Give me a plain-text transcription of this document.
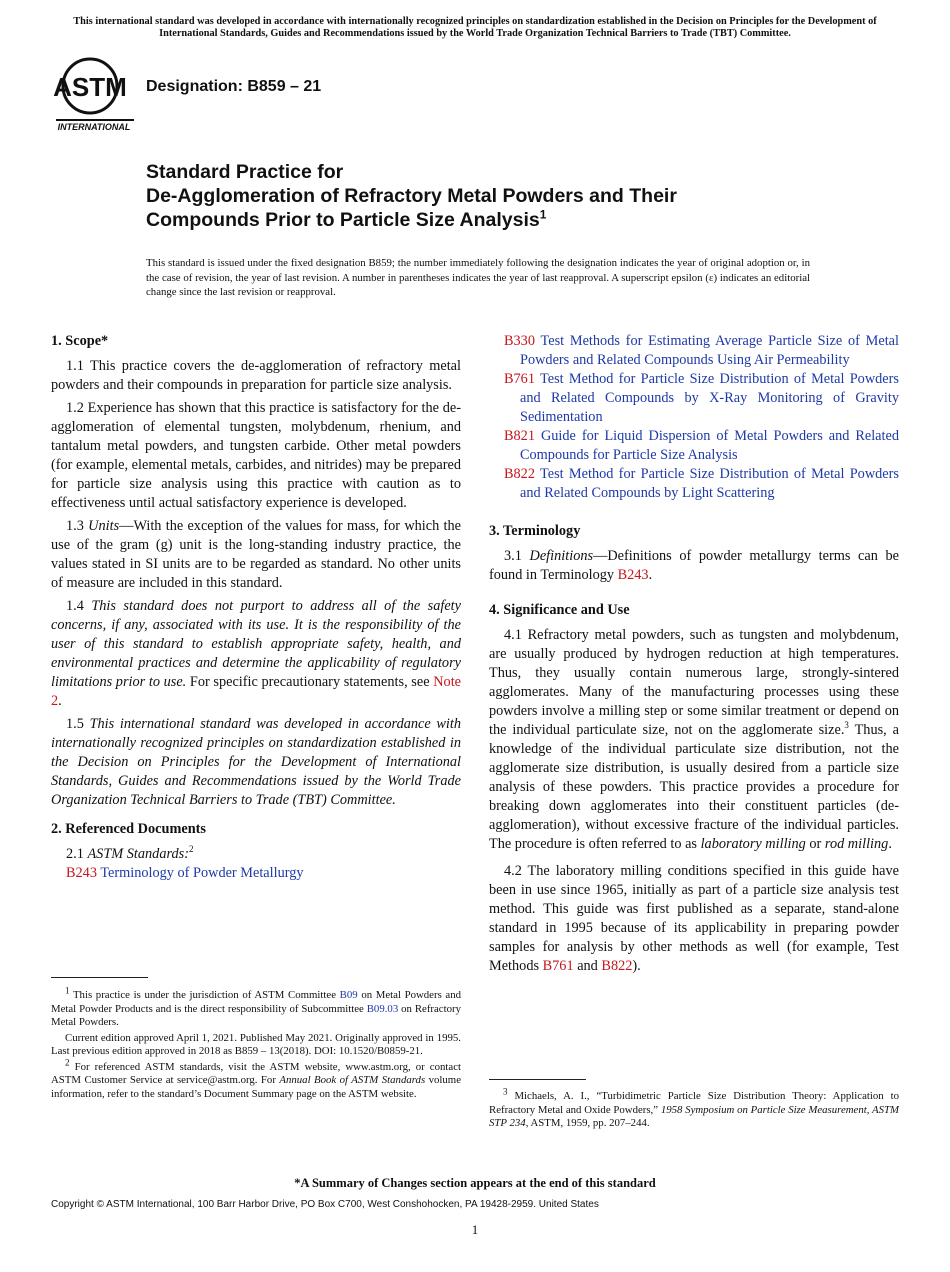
This international standard was developed in accordance with internationally recognized principles on standardization established in the Decision on Principles for the Development of International Standards, Guides and Recommendations issued by the World Trade Organization Technical Barriers to Trade (TBT) Committee.
ASTM
INTERNATIONAL
Designation: B859 – 21
Standard Practice for
De-Agglomeration of Refractory Metal Powders and Their
Compounds Prior to Particle Size Analysis$^1$
This standard is issued under the fixed designation B859; the number immediately following the designation indicates the year of original adoption or, in the case of revision, the year of last revision. A number in parentheses indicates the year of last reapproval. A superscript epsilon (ε) indicates an editorial change since the last revision or reapproval.
1. Scope*

1.1 This practice covers the de-agglomeration of refractory metal powders and their compounds in preparation for particle size analysis.

1.2 Experience has shown that this practice is satisfactory for the de-agglomeration of elemental tungsten, molybdenum, rhenium, and tantalum metal powders, and tungsten carbide. Other metal powders (for example, elemental metals, carbides, and nitrides) may be prepared for particle size analysis using this practice with caution as to effectiveness until actual satisfactory experience is developed.

1.3 Units—With the exception of the values for mass, for which the use of the gram (g) unit is the long-standing industry practice, the values stated in SI units are to be regarded as standard. No other units of measure are included in this standard.

1.4 This standard does not purport to address all of the safety concerns, if any, associated with its use. It is the responsibility of the user of this standard to establish appropriate safety, health, and environmental practices and determine the applicability of regulatory limitations prior to use. For specific precautionary statements, see Note 2.

1.5 This international standard was developed in accordance with internationally recognized principles on standardization established in the Decision on Principles for the Development of International Standards, Guides and Recommendations issued by the World Trade Organization Technical Barriers to Trade (TBT) Committee.

2. Referenced Documents

2.1 ASTM Standards:$^2$

B243 Terminology of Powder Metallurgy

$^1$ This practice is under the jurisdiction of ASTM Committee B09 on Metal Powders and Metal Powder Products and is the direct responsibility of Subcommittee B09.03 on Refractory Metal Powders.

Current edition approved April 1, 2021. Published May 2021. Originally approved in 1995. Last previous edition approved in 2018 as B859 – 13(2018). DOI: 10.1520/B0859-21.

$^2$ For referenced ASTM standards, visit the ASTM website, www.astm.org, or contact ASTM Customer Service at service@astm.org. For Annual Book of ASTM Standards volume information, refer to the standard’s Document Summary page on the ASTM website.

B330 Test Methods for Estimating Average Particle Size of Metal Powders and Related Compounds Using Air Permeability
B761 Test Method for Particle Size Distribution of Metal Powders and Related Compounds by X-Ray Monitoring of Gravity Sedimentation
B821 Guide for Liquid Dispersion of Metal Powders and Related Compounds for Particle Size Analysis
B822 Test Method for Particle Size Distribution of Metal Powders and Related Compounds by Light Scattering
3. Terminology

3.1 Definitions—Definitions of powder metallurgy terms can be found in Terminology B243.

4. Significance and Use

4.1 Refractory metal powders, such as tungsten and molybdenum, are usually produced by hydrogen reduction at high temperatures. Thus, they usually contain numerous large, strongly-sintered agglomerates. Many of the manufacturing processes using these powders involve a milling step or some similar treatment or depend on the individual particulate size, not on the agglomerate size.$^3$ Thus, a knowledge of the individual particulate size distribution, not the agglomerate size distribution, is usually desired from a particle size analysis of these powders. This practice provides a procedure for breaking down agglomerates into their constituent particles (de-agglomeration), without excessive fracture of the individual particles. The procedure is often referred to as laboratory milling or rod milling.

4.2 The laboratory milling conditions specified in this guide have been in use since 1965, initially as part of a particle size analysis test method. This guide was first published as a separate, stand-alone standard in 1995 because of its applicability in preparing powder samples for analysis by other methods as well (for example, Test Methods B761 and B822).

$^3$ Michaels, A. I., “Turbidimetric Particle Size Distribution Theory: Application to Refractory Metal and Oxide Powders,” 1958 Symposium on Particle Size Measurement, ASTM STP 234, ASTM, 1959, pp. 207–244.

*A Summary of Changes section appears at the end of this standard
Copyright © ASTM International, 100 Barr Harbor Drive, PO Box C700, West Conshohocken, PA 19428-2959. United States
1
